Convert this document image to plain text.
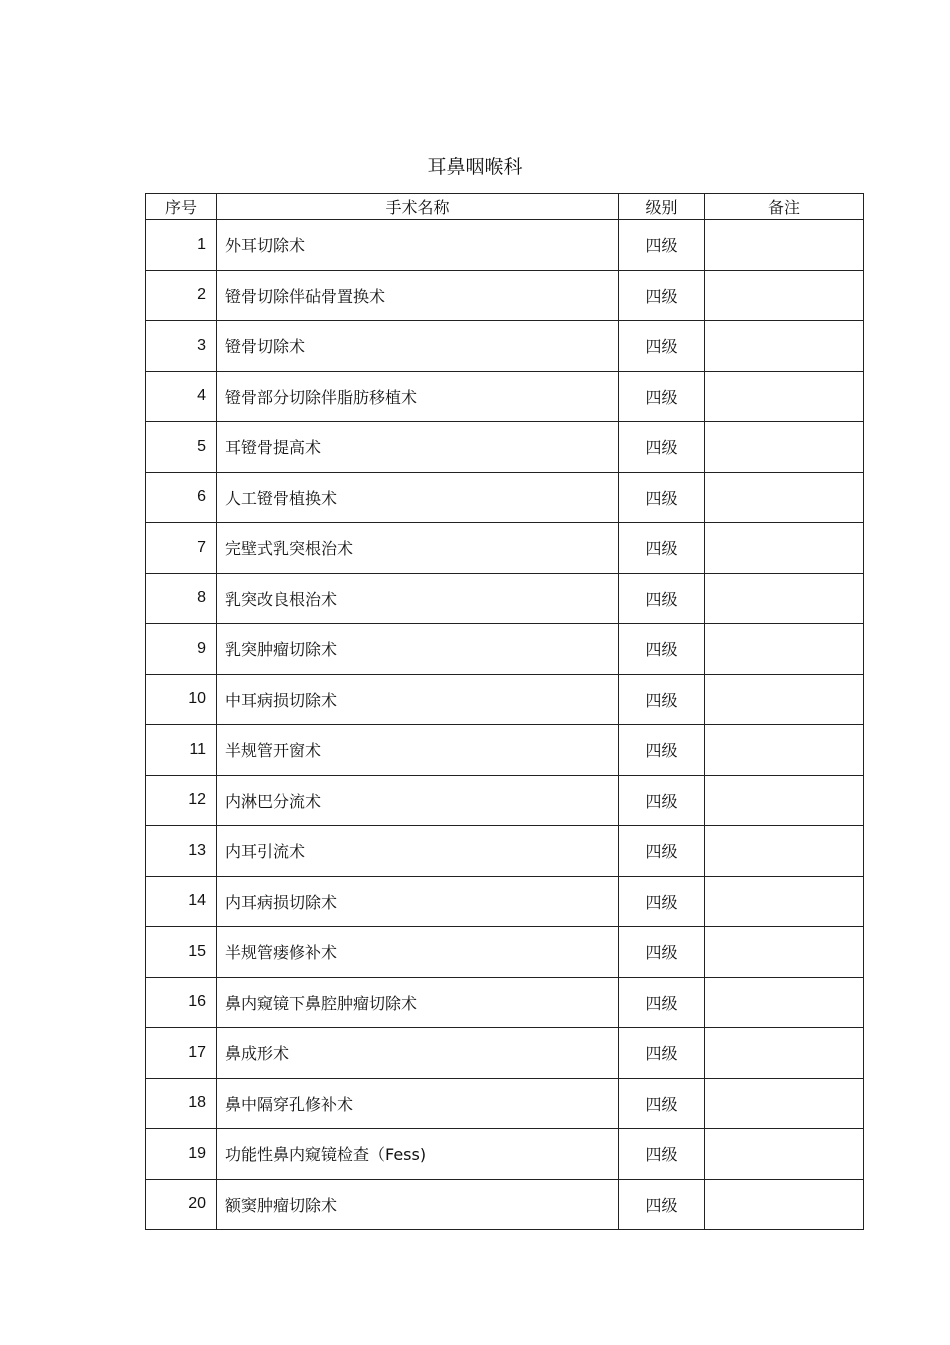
耳鼻咽喉科
序号	手术名称	级别	备注
1	外耳切除术	四级	
2	镫骨切除伴砧骨置换术	四级	
3	镫骨切除术	四级	
4	镫骨部分切除伴脂肪移植术	四级	
5	耳镫骨提高术	四级	
6	人工镫骨植换术	四级	
7	完壁式乳突根治术	四级	
8	乳突改良根治术	四级	
9	乳突肿瘤切除术	四级	
10	中耳病损切除术	四级	
11	半规管开窗术	四级	
12	内淋巴分流术	四级	
13	内耳引流术	四级	
14	内耳病损切除术	四级	
15	半规管瘘修补术	四级	
16	鼻内窥镜下鼻腔肿瘤切除术	四级	
17	鼻成形术	四级	
18	鼻中隔穿孔修补术	四级	
19	功能性鼻内窥镜检查（Fess)	四级	
20	额窦肿瘤切除术	四级	
